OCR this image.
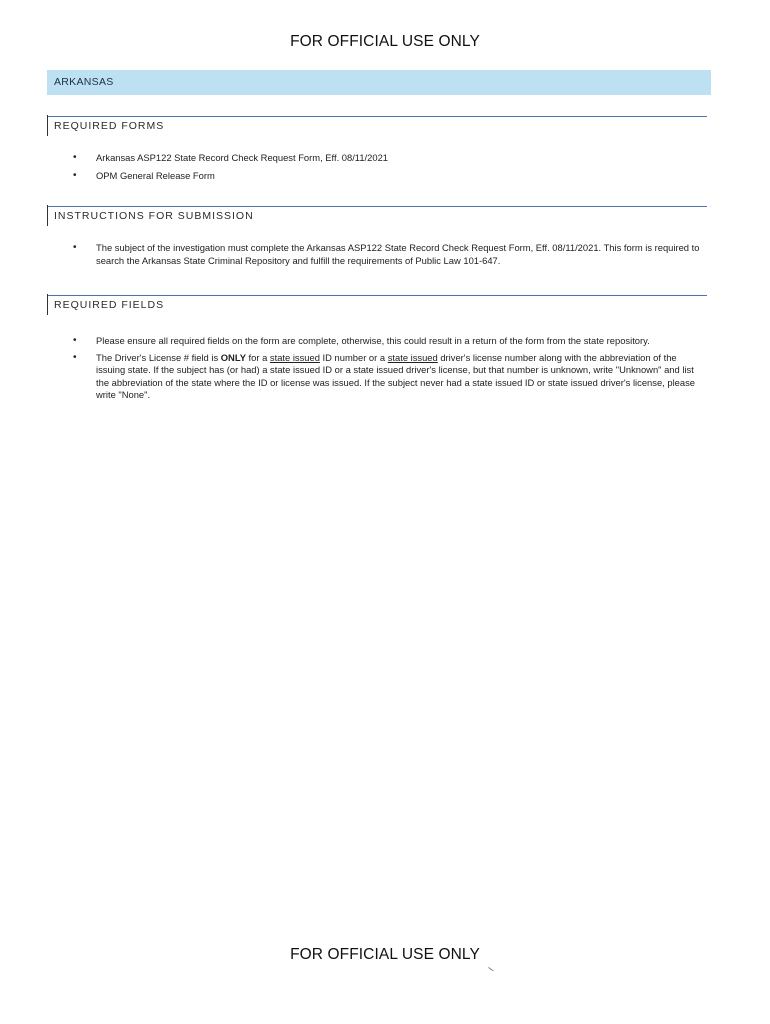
FOR OFFICIAL USE ONLY
ARKANSAS
REQUIRED FORMS
• Arkansas ASP122 State Record Check Request Form, Eff. 08/11/2021
• OPM General Release Form
INSTRUCTIONS FOR SUBMISSION
• The subject of the investigation must complete the Arkansas ASP122 State Record Check Request Form, Eff. 08/11/2021. This form is required to search the Arkansas State Criminal Repository and fulfill the requirements of Public Law 101-647.
REQUIRED FIELDS
• Please ensure all required fields on the form are complete, otherwise, this could result in a return of the form from the state repository.
• The Driver's License # field is ONLY for a state issued ID number or a state issued driver's license number along with the abbreviation of the issuing state. If the subject has (or had) a state issued ID or a state issued driver's license, but that number is unknown, write "Unknown" and list the abbreviation of the state where the ID or license was issued. If the subject never had a state issued ID or state issued driver's license, please write "None".
FOR OFFICIAL USE ONLY
